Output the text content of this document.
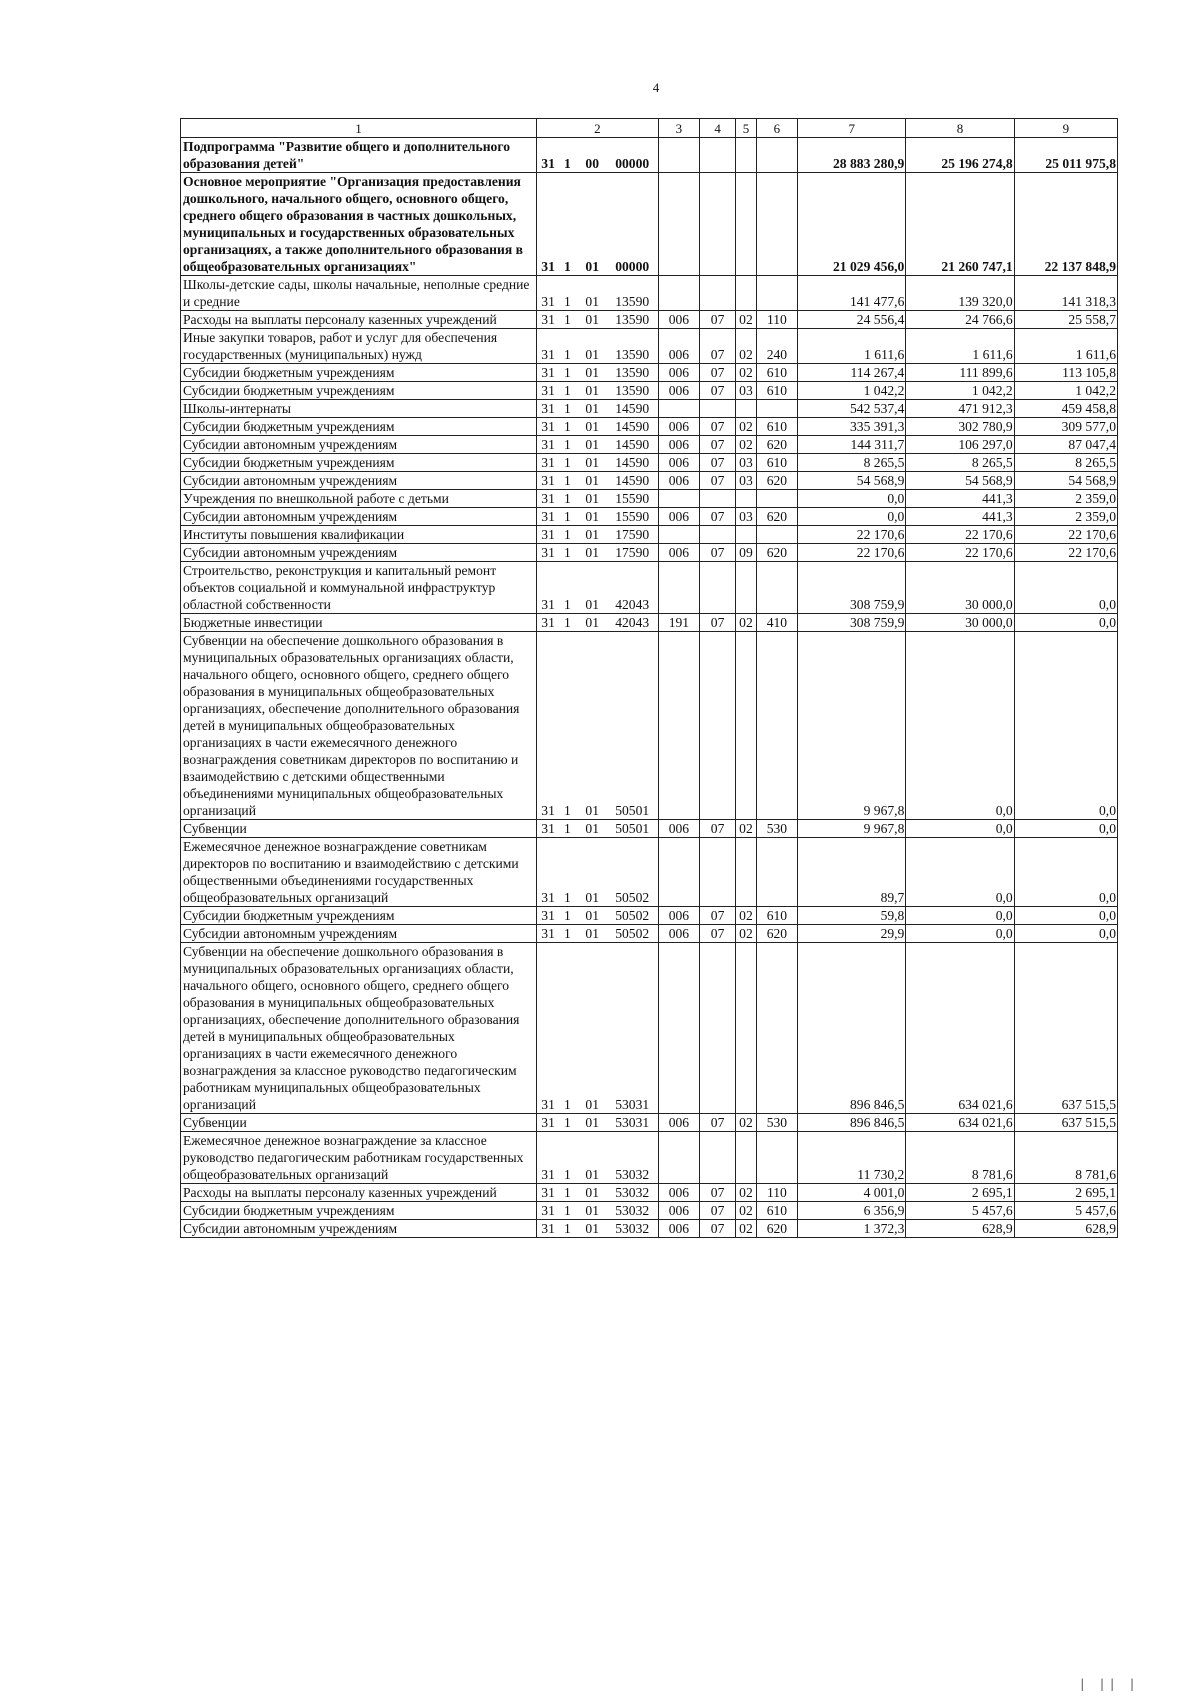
4
1	2				3	4	5	6	7	8	9
Подпрограмма "Развитие общего и дополнительного образования детей"	31	1	00	00000					28 883 280,9	25 196 274,8	25 011 975,8
Основное мероприятие "Организация предоставления дошкольного, начального общего, основного общего, среднего общего образования в частных дошкольных, муниципальных и государственных образовательных организациях, а также дополнительного образования в общеобразовательных организациях"	31	1	01	00000					21 029 456,0	21 260 747,1	22 137 848,9
Школы-детские сады, школы начальные, неполные средние и средние	31	1	01	13590					141 477,6	139 320,0	141 318,3
Расходы на выплаты персоналу казенных учреждений	31	1	01	13590	006	07	02	110	24 556,4	24 766,6	25 558,7
Иные закупки товаров, работ и услуг для обеспечения государственных (муниципальных) нужд	31	1	01	13590	006	07	02	240	1 611,6	1 611,6	1 611,6
Субсидии бюджетным учреждениям	31	1	01	13590	006	07	02	610	114 267,4	111 899,6	113 105,8
Субсидии бюджетным учреждениям	31	1	01	13590	006	07	03	610	1 042,2	1 042,2	1 042,2
Школы-интернаты	31	1	01	14590					542 537,4	471 912,3	459 458,8
Субсидии бюджетным учреждениям	31	1	01	14590	006	07	02	610	335 391,3	302 780,9	309 577,0
Субсидии автономным учреждениям	31	1	01	14590	006	07	02	620	144 311,7	106 297,0	87 047,4
Субсидии бюджетным учреждениям	31	1	01	14590	006	07	03	610	8 265,5	8 265,5	8 265,5
Субсидии автономным учреждениям	31	1	01	14590	006	07	03	620	54 568,9	54 568,9	54 568,9
Учреждения по внешкольной работе с детьми	31	1	01	15590					0,0	441,3	2 359,0
Субсидии автономным учреждениям	31	1	01	15590	006	07	03	620	0,0	441,3	2 359,0
Институты повышения квалификации	31	1	01	17590					22 170,6	22 170,6	22 170,6
Субсидии автономным учреждениям	31	1	01	17590	006	07	09	620	22 170,6	22 170,6	22 170,6
Строительство, реконструкция и капитальный ремонт объектов социальной и коммунальной инфраструктур областной собственности	31	1	01	42043					308 759,9	30 000,0	0,0
Бюджетные инвестиции	31	1	01	42043	191	07	02	410	308 759,9	30 000,0	0,0
Субвенции на обеспечение дошкольного образования в муниципальных образовательных организациях области, начального общего, основного общего, среднего общего образования в муниципальных общеобразовательных организациях, обеспечение дополнительного образования детей в муниципальных общеобразовательных организациях в части ежемесячного денежного вознаграждения советникам директоров по воспитанию и взаимодействию с детскими общественными объединениями муниципальных общеобразовательных организаций	31	1	01	50501					9 967,8	0,0	0,0
Субвенции	31	1	01	50501	006	07	02	530	9 967,8	0,0	0,0
Ежемесячное денежное вознаграждение советникам директоров по воспитанию и взаимодействию с детскими общественными объединениями государственных общеобразовательных организаций	31	1	01	50502					89,7	0,0	0,0
Субсидии бюджетным учреждениям	31	1	01	50502	006	07	02	610	59,8	0,0	0,0
Субсидии автономным учреждениям	31	1	01	50502	006	07	02	620	29,9	0,0	0,0
Субвенции на обеспечение дошкольного образования в муниципальных образовательных организациях области, начального общего, основного общего, среднего общего образования в муниципальных общеобразовательных организациях, обеспечение дополнительного образования детей в муниципальных общеобразовательных организациях в части ежемесячного денежного вознаграждения за классное руководство педагогическим работникам муниципальных общеобразовательных организаций	31	1	01	53031					896 846,5	634 021,6	637 515,5
Субвенции	31	1	01	53031	006	07	02	530	896 846,5	634 021,6	637 515,5
Ежемесячное денежное вознаграждение за классное руководство педагогическим работникам государственных общеобразовательных организаций	31	1	01	53032					11 730,2	8 781,6	8 781,6
Расходы на выплаты персоналу казенных учреждений	31	1	01	53032	006	07	02	110	4 001,0	2 695,1	2 695,1
Субсидии бюджетным учреждениям	31	1	01	53032	006	07	02	610	6 356,9	5 457,6	5 457,6
Субсидии автономным учреждениям	31	1	01	53032	006	07	02	620	1 372,3	628,9	628,9
| || |
